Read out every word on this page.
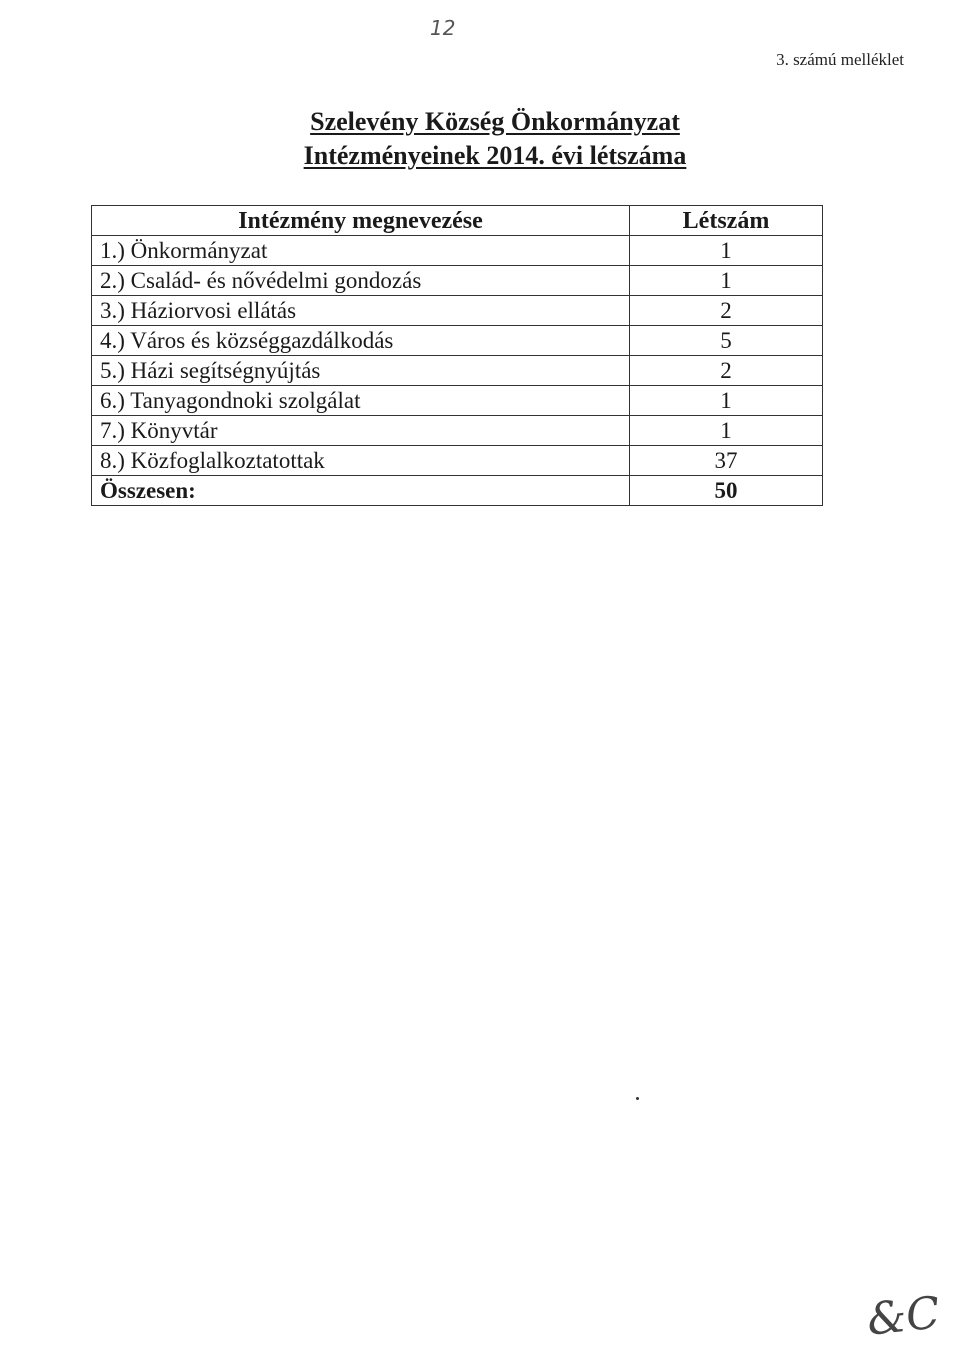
12
3. számú melléklet
Szelevény Község Önkormányzat
Intézményeinek 2014. évi létszáma
Intézmény megnevezése	Létszám
1.) Önkormányzat	1
2.) Család- és nővédelmi gondozás	1
3.) Háziorvosi ellátás	2
4.) Város és községgazdálkodás	5
5.) Házi segítségnyújtás	2
6.) Tanyagondnoki szolgálat	1
7.) Könyvtár	1
8.) Közfoglalkoztatottak	37
Összesen:	50
&C
